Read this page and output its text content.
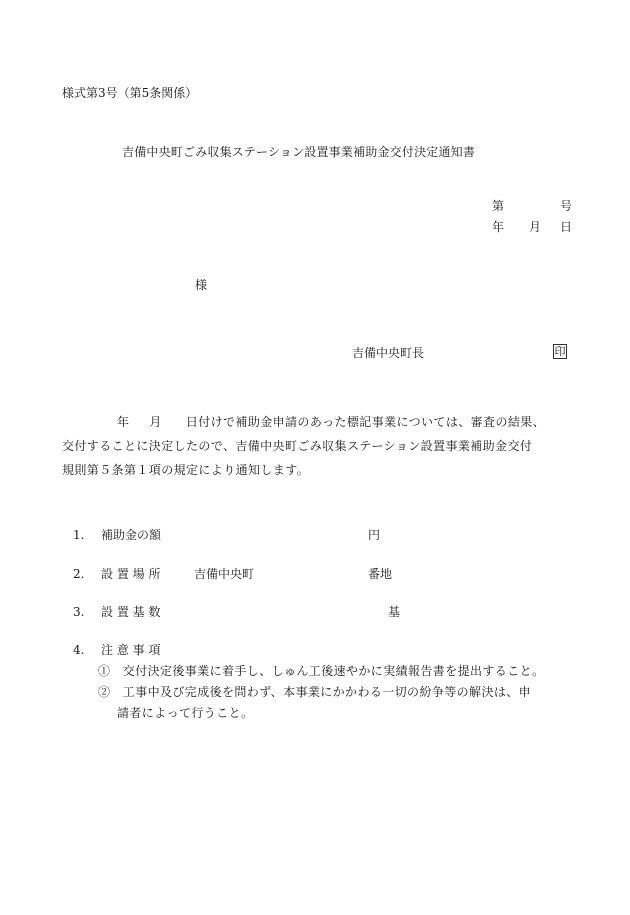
様式第3号（第5条関係）
吉備中央町ごみ収集ステーション設置事業補助金交付決定通知書
第	号
年 月 日
様
吉備中央町長	印
年 月 日付けで補助金申請のあった標記事業については、審査の結果、
交付することに決定したので、吉備中央町ごみ収集ステーション設置事業補助金交付
規則第５条第１項の規定により通知します。
1. 補助金の額	円
2. 設 置 場 所	吉備中央町	番地
3. 設 置 基 数	基
4. 注 意 事 項
①　交付決定後事業に着手し、しゅん工後速やかに実績報告書を提出すること。
②　工事中及び完成後を問わず、本事業にかかわる一切の紛争等の解決は、申
請者によって行うこと。
